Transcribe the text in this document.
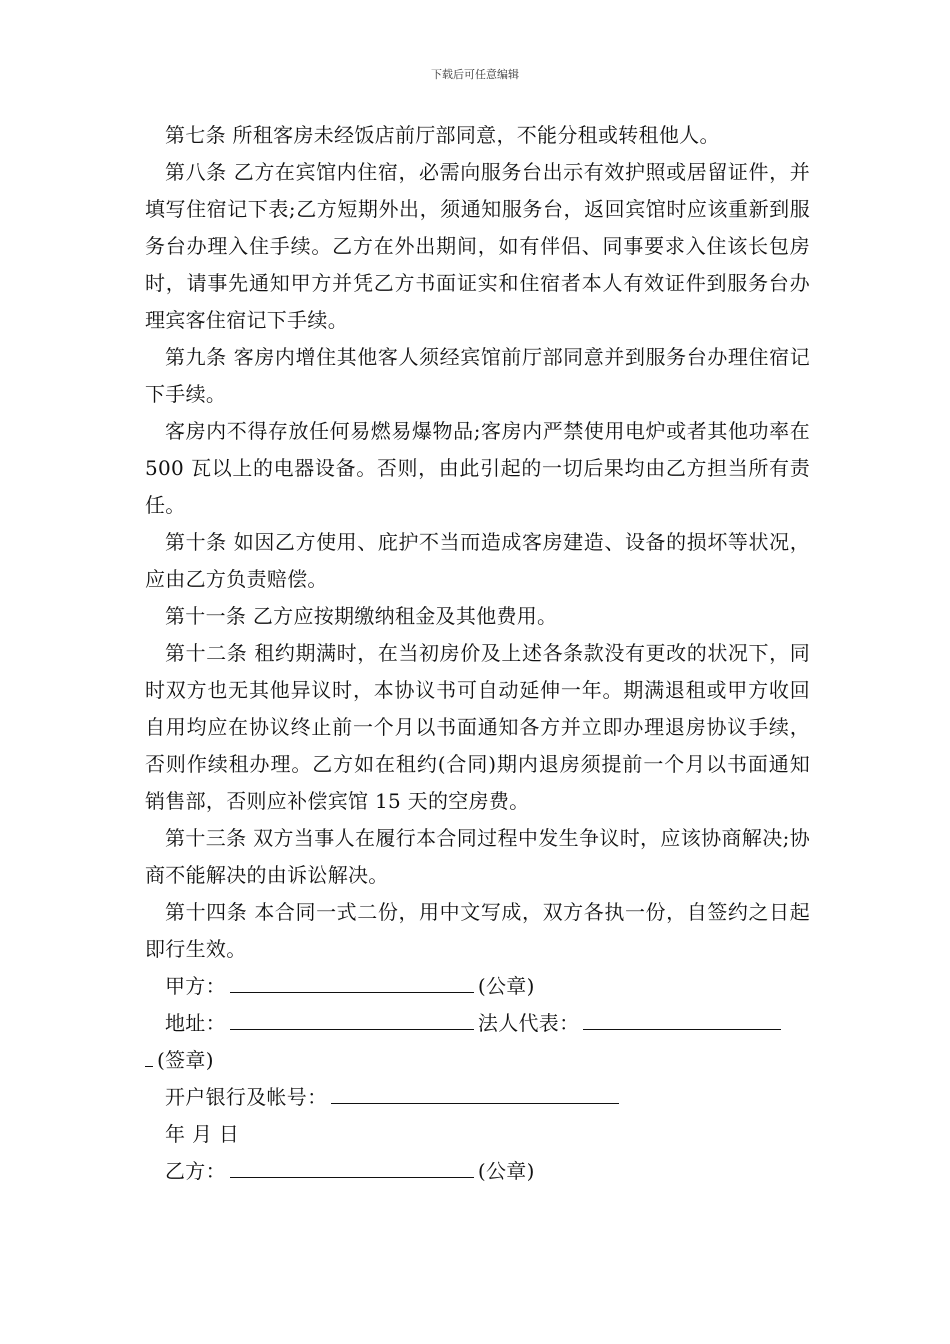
下载后可任意编辑

第七条 所租客房未经饭店前厅部同意，不能分租或转租他人。

第八条 乙方在宾馆内住宿，必需向服务台出示有效护照或居留证件，并填写住宿记下表;乙方短期外出，须通知服务台，返回宾馆时应该重新到服务台办理入住手续。乙方在外出期间，如有伴侣、同事要求入住该长包房时，请事先通知甲方并凭乙方书面证实和住宿者本人有效证件到服务台办理宾客住宿记下手续。

第九条 客房内增住其他客人须经宾馆前厅部同意并到服务台办理住宿记下手续。

客房内不得存放任何易燃易爆物品;客房内严禁使用电炉或者其他功率在 500 瓦以上的电器设备。否则，由此引起的一切后果均由乙方担当所有责任。

第十条 如因乙方使用、庇护不当而造成客房建造、设备的损坏等状况，应由乙方负责赔偿。

第十一条 乙方应按期缴纳租金及其他费用。

第十二条 租约期满时，在当初房价及上述各条款没有更改的状况下，同时双方也无其他异议时，本协议书可自动延伸一年。期满退租或甲方收回自用均应在协议终止前一个月以书面通知各方并立即办理退房协议手续，否则作续租办理。乙方如在租约(合同)期内退房须提前一个月以书面通知销售部，否则应补偿宾馆 15 天的空房费。

第十三条 双方当事人在履行本合同过程中发生争议时，应该协商解决;协商不能解决的由诉讼解决。

第十四条 本合同一式二份，用中文写成，双方各执一份，自签约之日起即行生效。

甲方：	(公章)

地址：	法人代表：

(签章)

开户银行及帐号：

年 月 日

乙方：	(公章)
